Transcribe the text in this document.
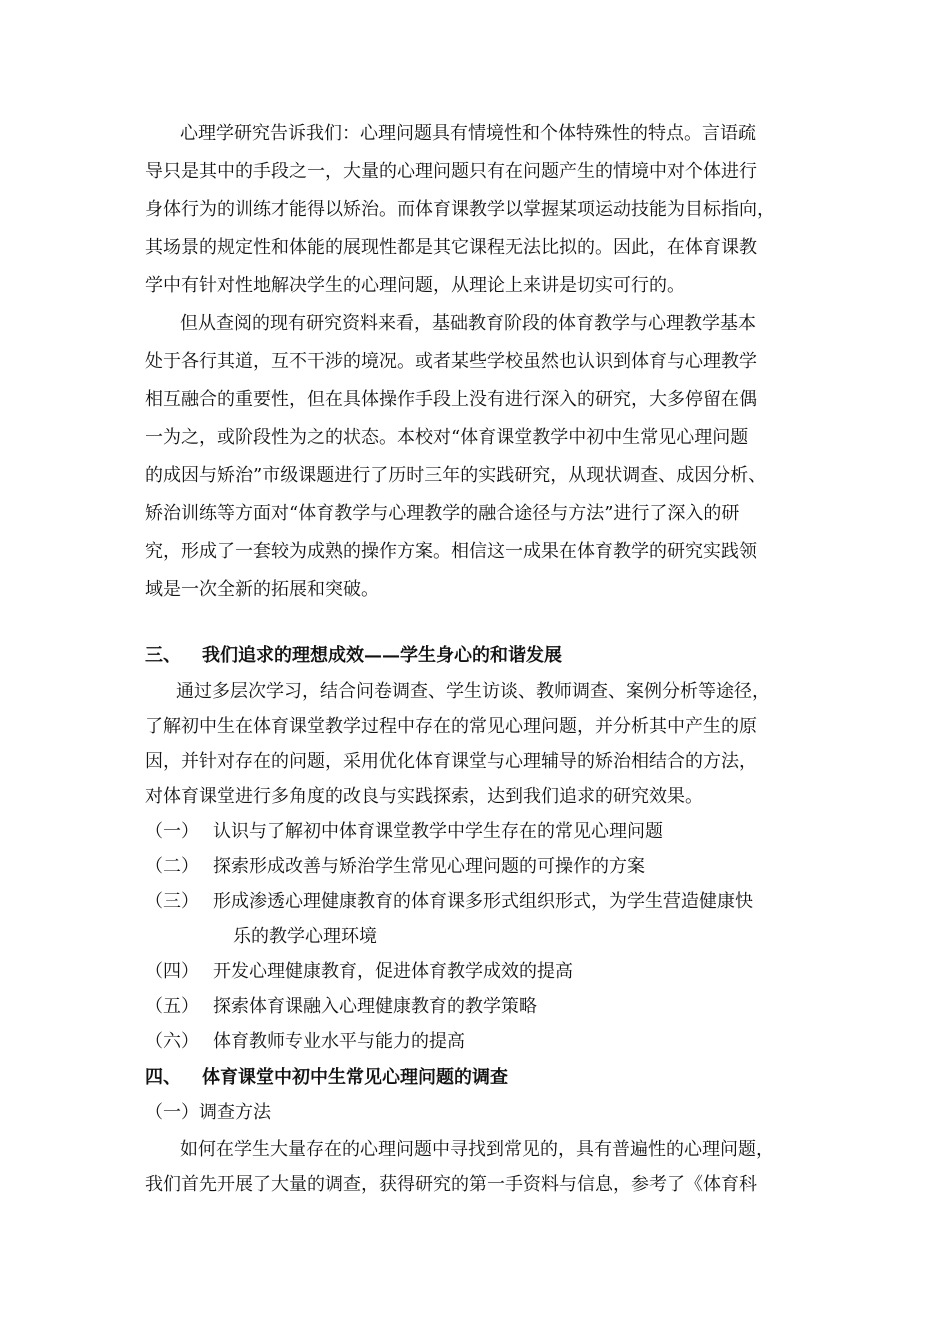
心理学研究告诉我们：心理问题具有情境性和个体特殊性的特点。言语疏
导只是其中的手段之一，大量的心理问题只有在问题产生的情境中对个体进行
身体行为的训练才能得以矫治。而体育课教学以掌握某项运动技能为目标指向，
其场景的规定性和体能的展现性都是其它课程无法比拟的。因此，在体育课教
学中有针对性地解决学生的心理问题，从理论上来讲是切实可行的。
但从查阅的现有研究资料来看，基础教育阶段的体育教学与心理教学基本
处于各行其道，互不干涉的境况。或者某些学校虽然也认识到体育与心理教学
相互融合的重要性，但在具体操作手段上没有进行深入的研究，大多停留在偶
一为之，或阶段性为之的状态。本校对“体育课堂教学中初中生常见心理问题
的成因与矫治”市级课题进行了历时三年的实践研究，从现状调查、成因分析、
矫治训练等方面对“体育教学与心理教学的融合途径与方法”进行了深入的研
究，形成了一套较为成熟的操作方案。相信这一成果在体育教学的研究实践领
域是一次全新的拓展和突破。
三、 我们追求的理想成效——学生身心的和谐发展
通过多层次学习，结合问卷调查、学生访谈、教师调查、案例分析等途径，
了解初中生在体育课堂教学过程中存在的常见心理问题，并分析其中产生的原
因，并针对存在的问题，采用优化体育课堂与心理辅导的矫治相结合的方法，
对体育课堂进行多角度的改良与实践探索，达到我们追求的研究效果。
（一） 认识与了解初中体育课堂教学中学生存在的常见心理问题
（二） 探索形成改善与矫治学生常见心理问题的可操作的方案
（三） 形成渗透心理健康教育的体育课多形式组织形式，为学生营造健康快
乐的教学心理环境
（四） 开发心理健康教育，促进体育教学成效的提高
（五） 探索体育课融入心理健康教育的教学策略
（六） 体育教师专业水平与能力的提高
四、 体育课堂中初中生常见心理问题的调查
（一）调查方法
如何在学生大量存在的心理问题中寻找到常见的，具有普遍性的心理问题，
我们首先开展了大量的调查，获得研究的第一手资料与信息，参考了《体育科
